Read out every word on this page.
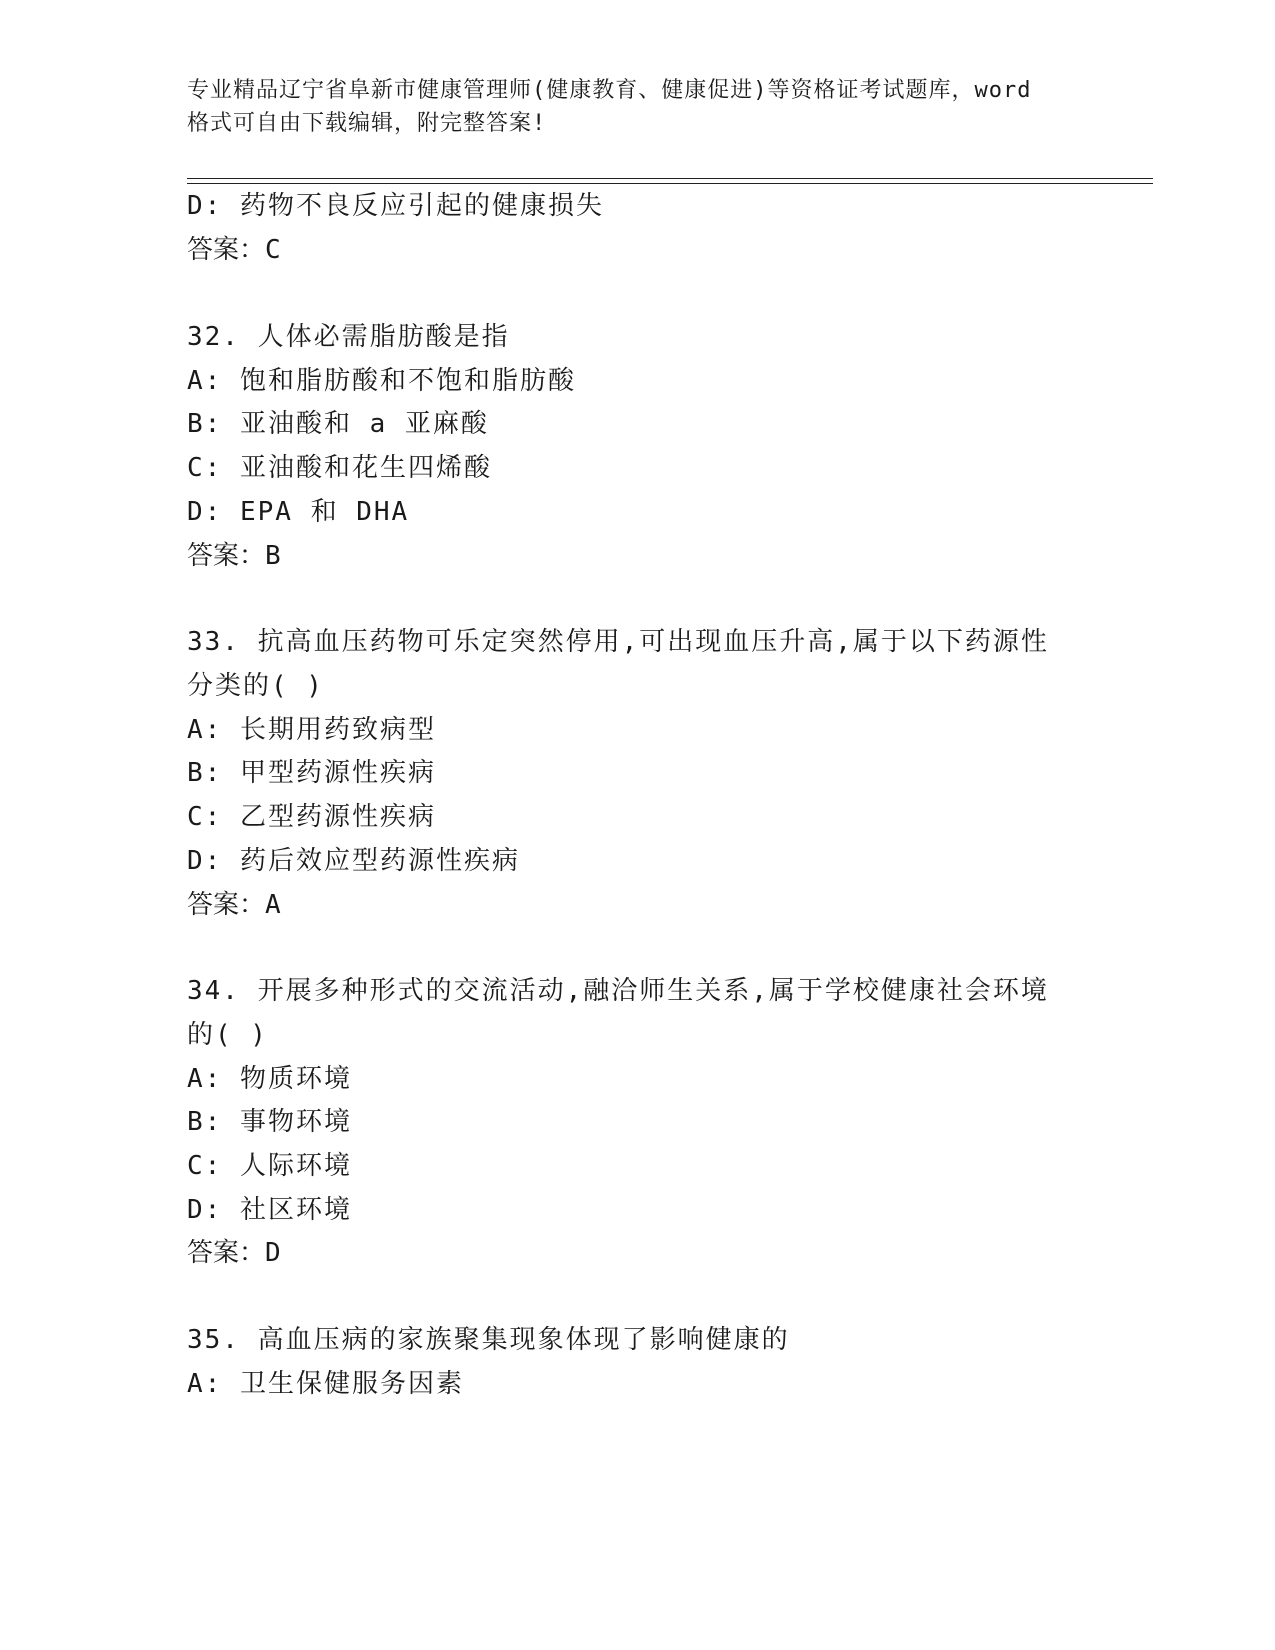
专业精品辽宁省阜新市健康管理师(健康教育、健康促进)等资格证考试题库，word
格式可自由下载编辑，附完整答案!
D: 药物不良反应引起的健康损失
答案：C
32. 人体必需脂肪酸是指
A: 饱和脂肪酸和不饱和脂肪酸
B: 亚油酸和 a 亚麻酸
C: 亚油酸和花生四烯酸
D: EPA 和 DHA
答案：B
33. 抗高血压药物可乐定突然停用,可出现血压升高,属于以下药源性
分类的( )
A: 长期用药致病型
B: 甲型药源性疾病
C: 乙型药源性疾病
D: 药后效应型药源性疾病
答案：A
34. 开展多种形式的交流活动,融洽师生关系,属于学校健康社会环境
的( )
A: 物质环境
B: 事物环境
C: 人际环境
D: 社区环境
答案：D
35. 高血压病的家族聚集现象体现了影响健康的
A: 卫生保健服务因素
